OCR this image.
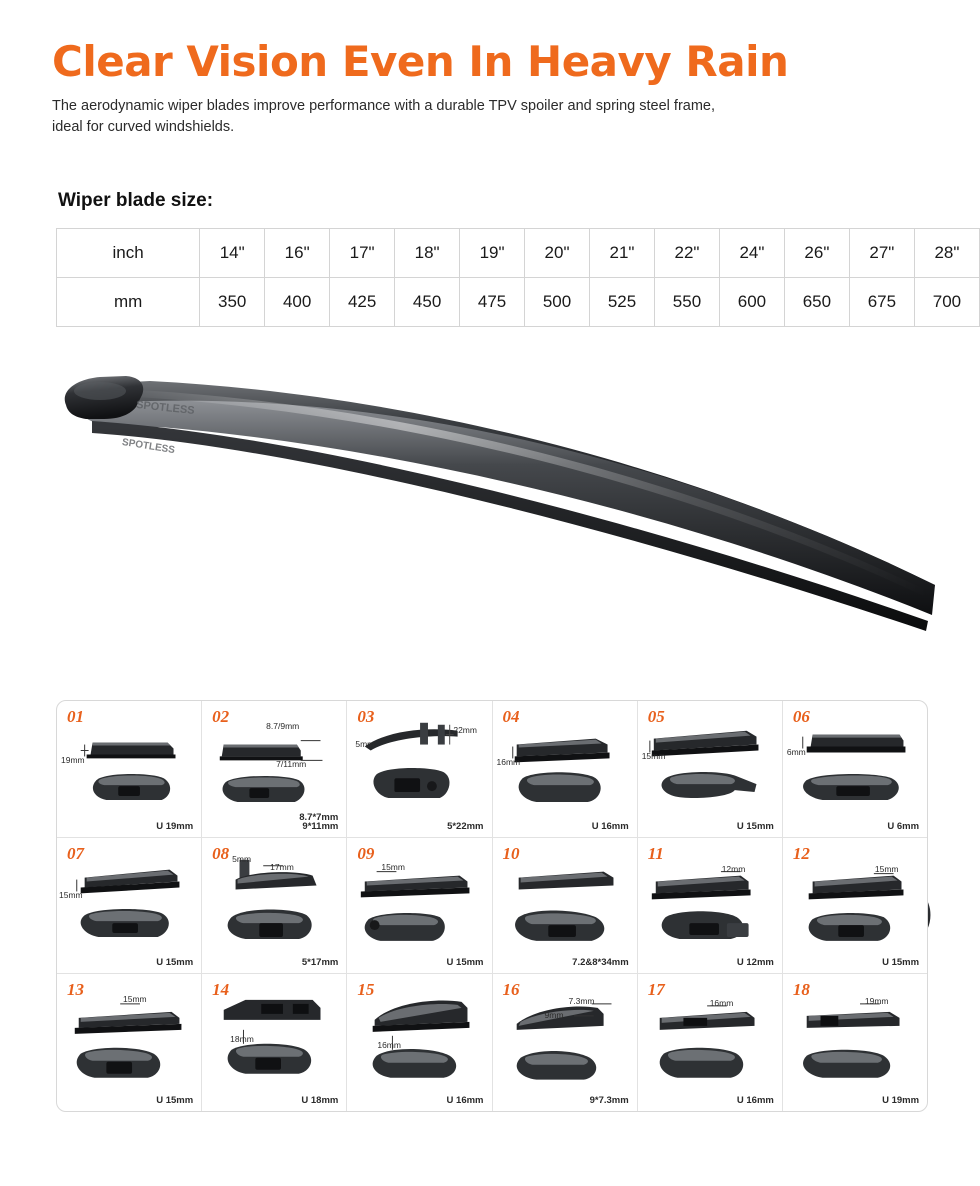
Clear Vision Even In Heavy Rain

The aerodynamic wiper blades improve performance with a durable TPV spoiler and spring steel frame, ideal for curved windshields.

Wiper blade size:
inch	14"	16"	17"	18"	19"	20"	21"	22"	24"	26"	27"	28"
mm	350	400	425	450	475	500	525	550	600	650	675	700
SPOTLESS
SPOTLESS
01
19mm
U 19mm
02	8.7/9mm
7/11mm
8.7*7mm
9*11mm
03
5mm
22mm
5*22mm
04
16mm
U 16mm
05
15mm
U 15mm
06
6mm
U 6mm
07
15mm
U 15mm
08 5mm
17mm
5*17mm
09
15mm
U 15mm
10
7.2&8*34mm
11
12mm
U 12mm
12
15mm
U 15mm
13	15mm
U 15mm
14
18mm
U 18mm
15
16mm
U 16mm
16
7.3mm
9mm
9*7.3mm
17
16mm
U 16mm
18
19mm
U 19mm
